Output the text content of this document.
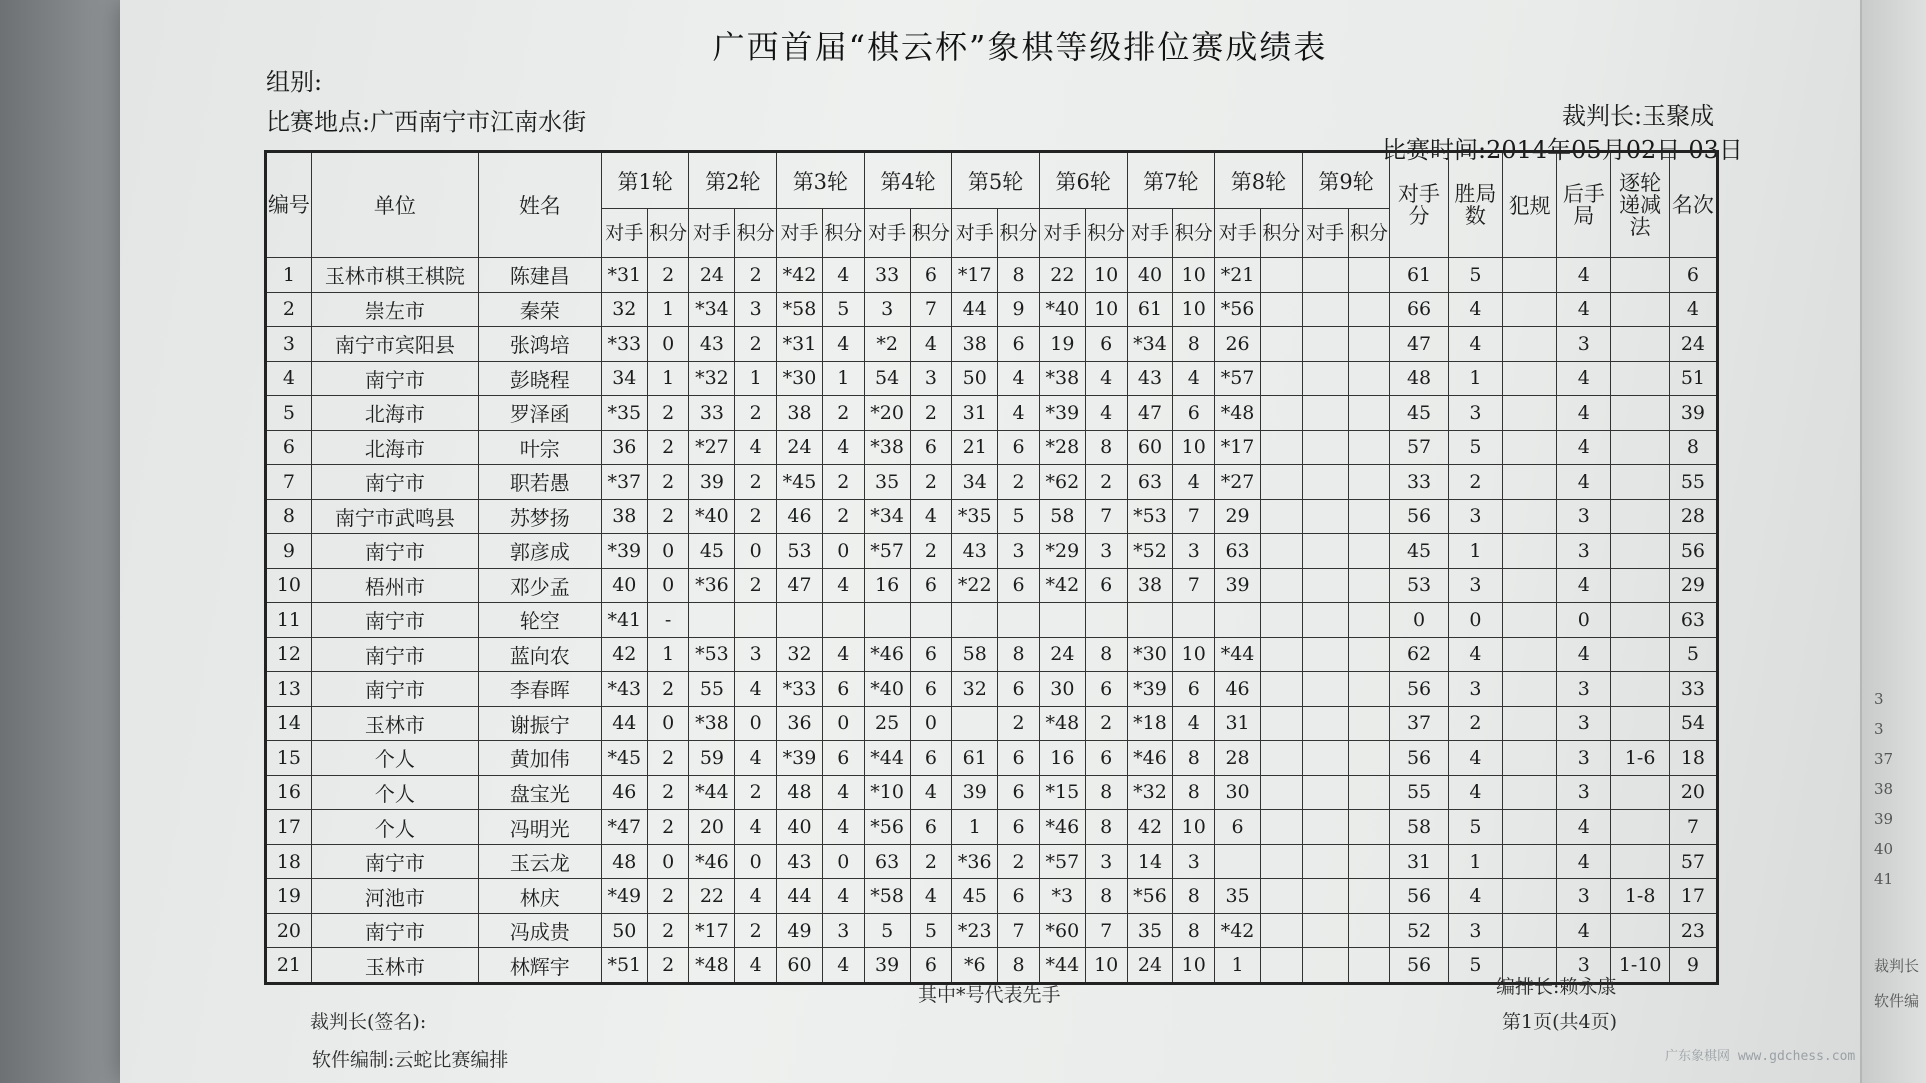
3
3
37
38
39
40
41
裁判长
软件编
广西首届“棋云杯”象棋等级排位赛成绩表
组别:
比赛地点:广西南宁市江南水街	裁判长:玉聚成
比赛时间:2014年05月02日-03日
编号	单位	姓名	第1轮		第2轮		第3轮		第4轮		第5轮		第6轮		第7轮		第8轮		第9轮		对手分	胜局数	犯规	后手局	逐轮递减法	名次
			对手	积分	对手	积分	对手	积分	对手	积分	对手	积分	对手	积分	对手	积分	对手	积分	对手	积分						
1	玉林市棋王棋院	陈建昌	*31	2	24	2	*42	4	33	6	*17	8	22	10	40	10	*21				61	5		4		6
2	崇左市	秦荣	32	1	*34	3	*58	5	3	7	44	9	*40	10	61	10	*56				66	4		4		4
3	南宁市宾阳县	张鸿培	*33	0	43	2	*31	4	*2	4	38	6	19	6	*34	8	26				47	4		3		24
4	南宁市	彭晓程	34	1	*32	1	*30	1	54	3	50	4	*38	4	43	4	*57				48	1		4		51
5	北海市	罗泽函	*35	2	33	2	38	2	*20	2	31	4	*39	4	47	6	*48				45	3		4		39
6	北海市	叶宗	36	2	*27	4	24	4	*38	6	21	6	*28	8	60	10	*17				57	5		4		8
7	南宁市	职若愚	*37	2	39	2	*45	2	35	2	34	2	*62	2	63	4	*27				33	2		4		55
8	南宁市武鸣县	苏梦扬	38	2	*40	2	46	2	*34	4	*35	5	58	7	*53	7	29				56	3		3		28
9	南宁市	郭彦成	*39	0	45	0	53	0	*57	2	43	3	*29	3	*52	3	63				45	1		3		56
10	梧州市	邓少孟	40	0	*36	2	47	4	16	6	*22	6	*42	6	38	7	39				53	3		4		29
11	南宁市	轮空	*41	-																	0	0		0		63
12	南宁市	蓝向农	42	1	*53	3	32	4	*46	6	58	8	24	8	*30	10	*44				62	4		4		5
13	南宁市	李春晖	*43	2	55	4	*33	6	*40	6	32	6	30	6	*39	6	46				56	3		3		33
14	玉林市	谢振宁	44	0	*38	0	36	0	25	0		2	*48	2	*18	4	31				37	2		3		54
15	个人	黄加伟	*45	2	59	4	*39	6	*44	6	61	6	16	6	*46	8	28				56	4		3	1-6	18
16	个人	盘宝光	46	2	*44	2	48	4	*10	4	39	6	*15	8	*32	8	30				55	4		3		20
17	个人	冯明光	*47	2	20	4	40	4	*56	6	1	6	*46	8	42	10	6				58	5		4		7
18	南宁市	玉云龙	48	0	*46	0	43	0	63	2	*36	2	*57	3	14	3					31	1		4		57
19	河池市	林庆	*49	2	22	4	44	4	*58	4	45	6	*3	8	*56	8	35				56	4		3	1-8	17
20	南宁市	冯成贵	50	2	*17	2	49	3	5	5	*23	7	*60	7	35	8	*42				52	3		4		23
21	玉林市	林辉宇	*51	2	*48	4	60	4	39	6	*6	8	*44	10	24	10	1				56	5		3	1-10	9
其中*号代表先手	编排长:赖永康
裁判长(签名):	第1页(共4页)
软件编制:云蛇比赛编排	广东象棋网 www.gdchess.com
